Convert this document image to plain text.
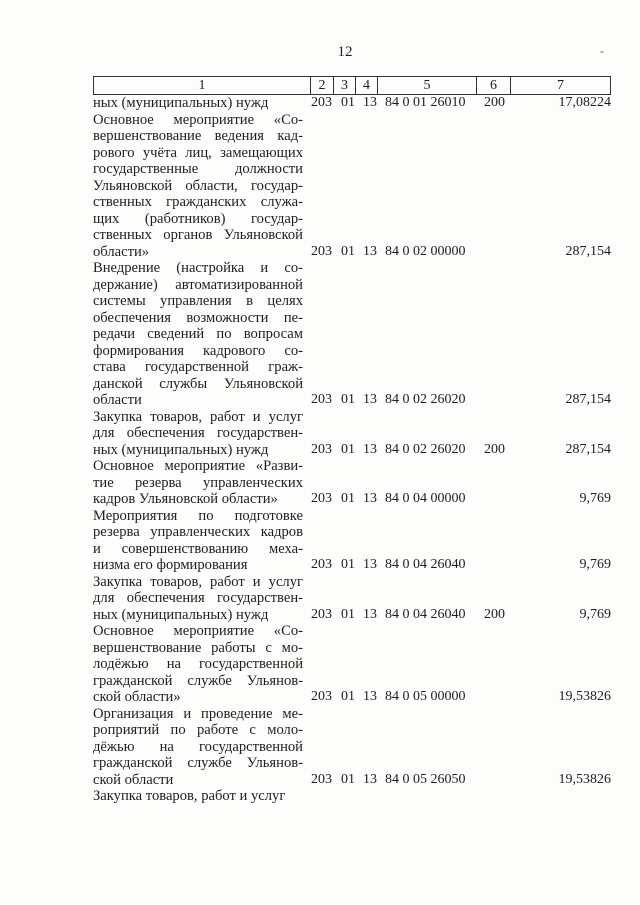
12	-
1	2	3	4	5	6	7
ных (муниципальных) нужд	203 01 13 84 0 01 26010 200	17,08224
Основное мероприятие «Со-
вершенствование ведения кад-
рового учёта лиц, замещающих
государственные должности
Ульяновской области, государ-
ственных гражданских служа-
щих (работников) государ-
ственных органов Ульяновской
области»	203 01 13 84 0 02 00000	287,154
Внедрение (настройка и со-
держание) автоматизированной
системы управления в целях
обеспечения возможности пе-
редачи сведений по вопросам
формирования кадрового со-
става государственной граж-
данской службы Ульяновской
области	203 01 13 84 0 02 26020	287,154
Закупка товаров, работ и услуг
для обеспечения государствен-
ных (муниципальных) нужд	203 01 13 84 0 02 26020 200	287,154
Основное мероприятие «Разви-
тие резерва управленческих
кадров Ульяновской области»	203 01 13 84 0 04 00000	9,769
Мероприятия по подготовке
резерва управленческих кадров
и совершенствованию меха-
низма его формирования	203 01 13 84 0 04 26040	9,769
Закупка товаров, работ и услуг
для обеспечения государствен-
ных (муниципальных) нужд	203 01 13 84 0 04 26040 200	9,769
Основное мероприятие «Со-
вершенствование работы с мо-
лодёжью на государственной
гражданской службе Ульянов-
ской области»	203 01 13 84 0 05 00000	19,53826
Организация и проведение ме-
роприятий по работе с моло-
дёжью на государственной
гражданской службе Ульянов-
ской области	203 01 13 84 0 05 26050	19,53826
Закупка товаров, работ и услуг
